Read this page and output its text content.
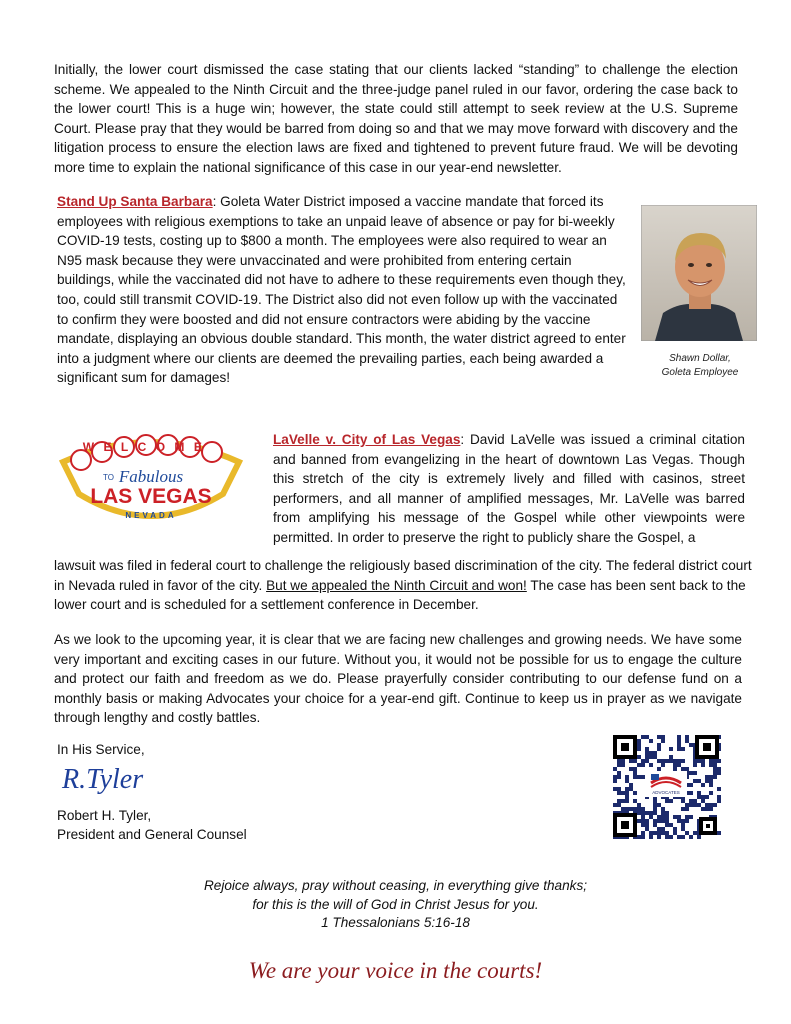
Initially, the lower court dismissed the case stating that our clients lacked “standing” to challenge the election scheme. We appealed to the Ninth Circuit and the three-judge panel ruled in our favor, ordering the case back to the lower court! This is a huge win; however, the state could still attempt to seek review at the U.S. Supreme Court. Please pray that they would be barred from doing so and that we may move forward with discovery and the litigation process to ensure the election laws are fixed and tightened to prevent future fraud. We will be devoting more time to explain the national significance of this case in our year-end newsletter.

Stand Up Santa Barbara: Goleta Water District imposed a vaccine mandate that forced its employees with religious exemptions to take an unpaid leave of absence or pay for bi-weekly COVID-19 tests, costing up to $800 a month. The employees were also required to wear an N95 mask because they were unvaccinated and were prohibited from entering certain buildings, while the vaccinated did not have to adhere to these requirements even though they, too, could still transmit COVID-19. The District also did not even follow up with the vaccinated to confirm they were boosted and did not ensure contractors were abiding by the vaccine mandate, displaying an obvious double standard. This month, the water district agreed to enter into a judgment where our clients are deemed the prevailing parties, each being awarded a significant sum for damages!

Shawn Dollar,
Goleta Employee
WELCOME
TO Fabulous
LAS VEGAS
NEVADA

LaVelle v. City of Las Vegas: David LaVelle was issued a criminal citation and banned from evangelizing in the heart of downtown Las Vegas. Though this stretch of the city is extremely lively and filled with casinos, street performers, and all manner of amplified messages, Mr. LaVelle was barred from amplifying his message of the Gospel while other viewpoints were permitted. In order to preserve the right to publicly share the Gospel, a

lawsuit was filed in federal court to challenge the religiously based discrimination of the city. The federal district court in Nevada ruled in favor of the city. But we appealed the Ninth Circuit and won! The case has been sent back to the lower court and is scheduled for a settlement conference in December.

As we look to the upcoming year, it is clear that we are facing new challenges and growing needs. We have some very important and exciting cases in our future. Without you, it would not be possible for us to engage the culture and protect our faith and freedom as we do. Please prayerfully consider contributing to our defense fund on a monthly basis or making Advocates your choice for a year-end gift. Continue to keep us in prayer as we navigate through lengthy and costly battles.

In His Service,
R.Tyler
Robert H. Tyler,
President and General Counsel
ADVOCATES
Rejoice always, pray without ceasing, in everything give thanks;
for this is the will of God in Christ Jesus for you.
1 Thessalonians 5:16-18
We are your voice in the courts!
